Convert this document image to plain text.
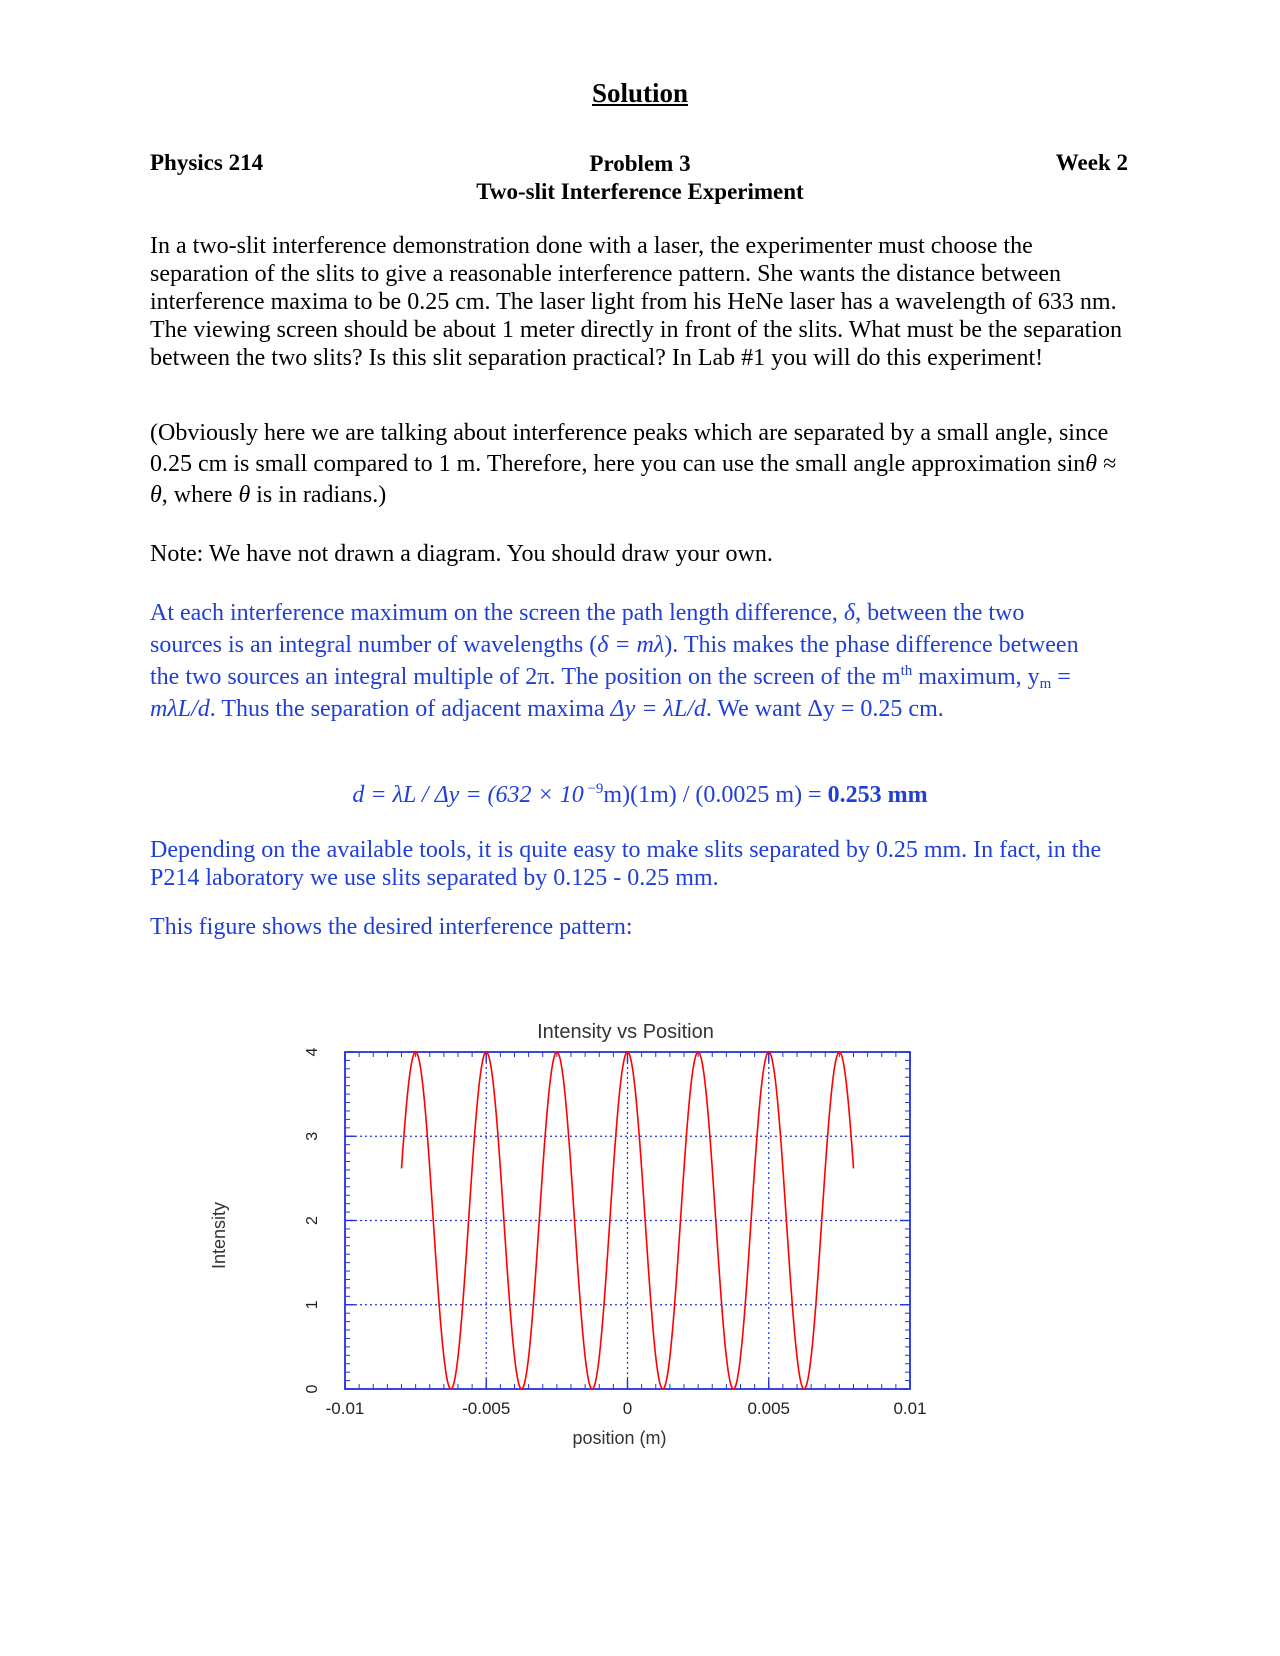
Solution
Physics 214	Problem 3
Two-slit Interference Experiment
Week 2
In a two-slit interference demonstration done with a laser, the experimenter must choose the separation of the slits to give a reasonable interference pattern. She wants the distance between interference maxima to be 0.25 cm. The laser light from his HeNe laser has a wavelength of 633 nm. The viewing screen should be about 1 meter directly in front of the slits. What must be the separation between the two slits? Is this slit separation practical? In Lab #1 you will do this experiment!
(Obviously here we are talking about interference peaks which are separated by a small angle, since 0.25 cm is small compared to 1 m. Therefore, here you can use the small angle approximation sinθ ≈ θ, where θ is in radians.)
Note: We have not drawn a diagram. You should draw your own.
At each interference maximum on the screen the path length difference, δ, between the two sources is an integral number of wavelengths (δ = mλ). This makes the phase difference between the two sources an integral multiple of 2π. The position on the screen of the $m^{th}$ maximum, $y_m = m\lambda L/d$. Thus the separation of adjacent maxima Δy = λL/d. We want Δy = 0.25 cm.
d = λL / Δy = (632 × 10 $^{-9}$m)(1m) / (0.0025 m) = 0.253 mm
Depending on the available tools, it is quite easy to make slits separated by 0.25 mm. In fact, in the P214 laboratory we use slits separated by 0.125 - 0.25 mm.
This figure shows the desired interference pattern:
-0.01	-0.005	0	0.005	0.01
0
1
2
3
4
Intensity vs Position
position (m)
Intensity
